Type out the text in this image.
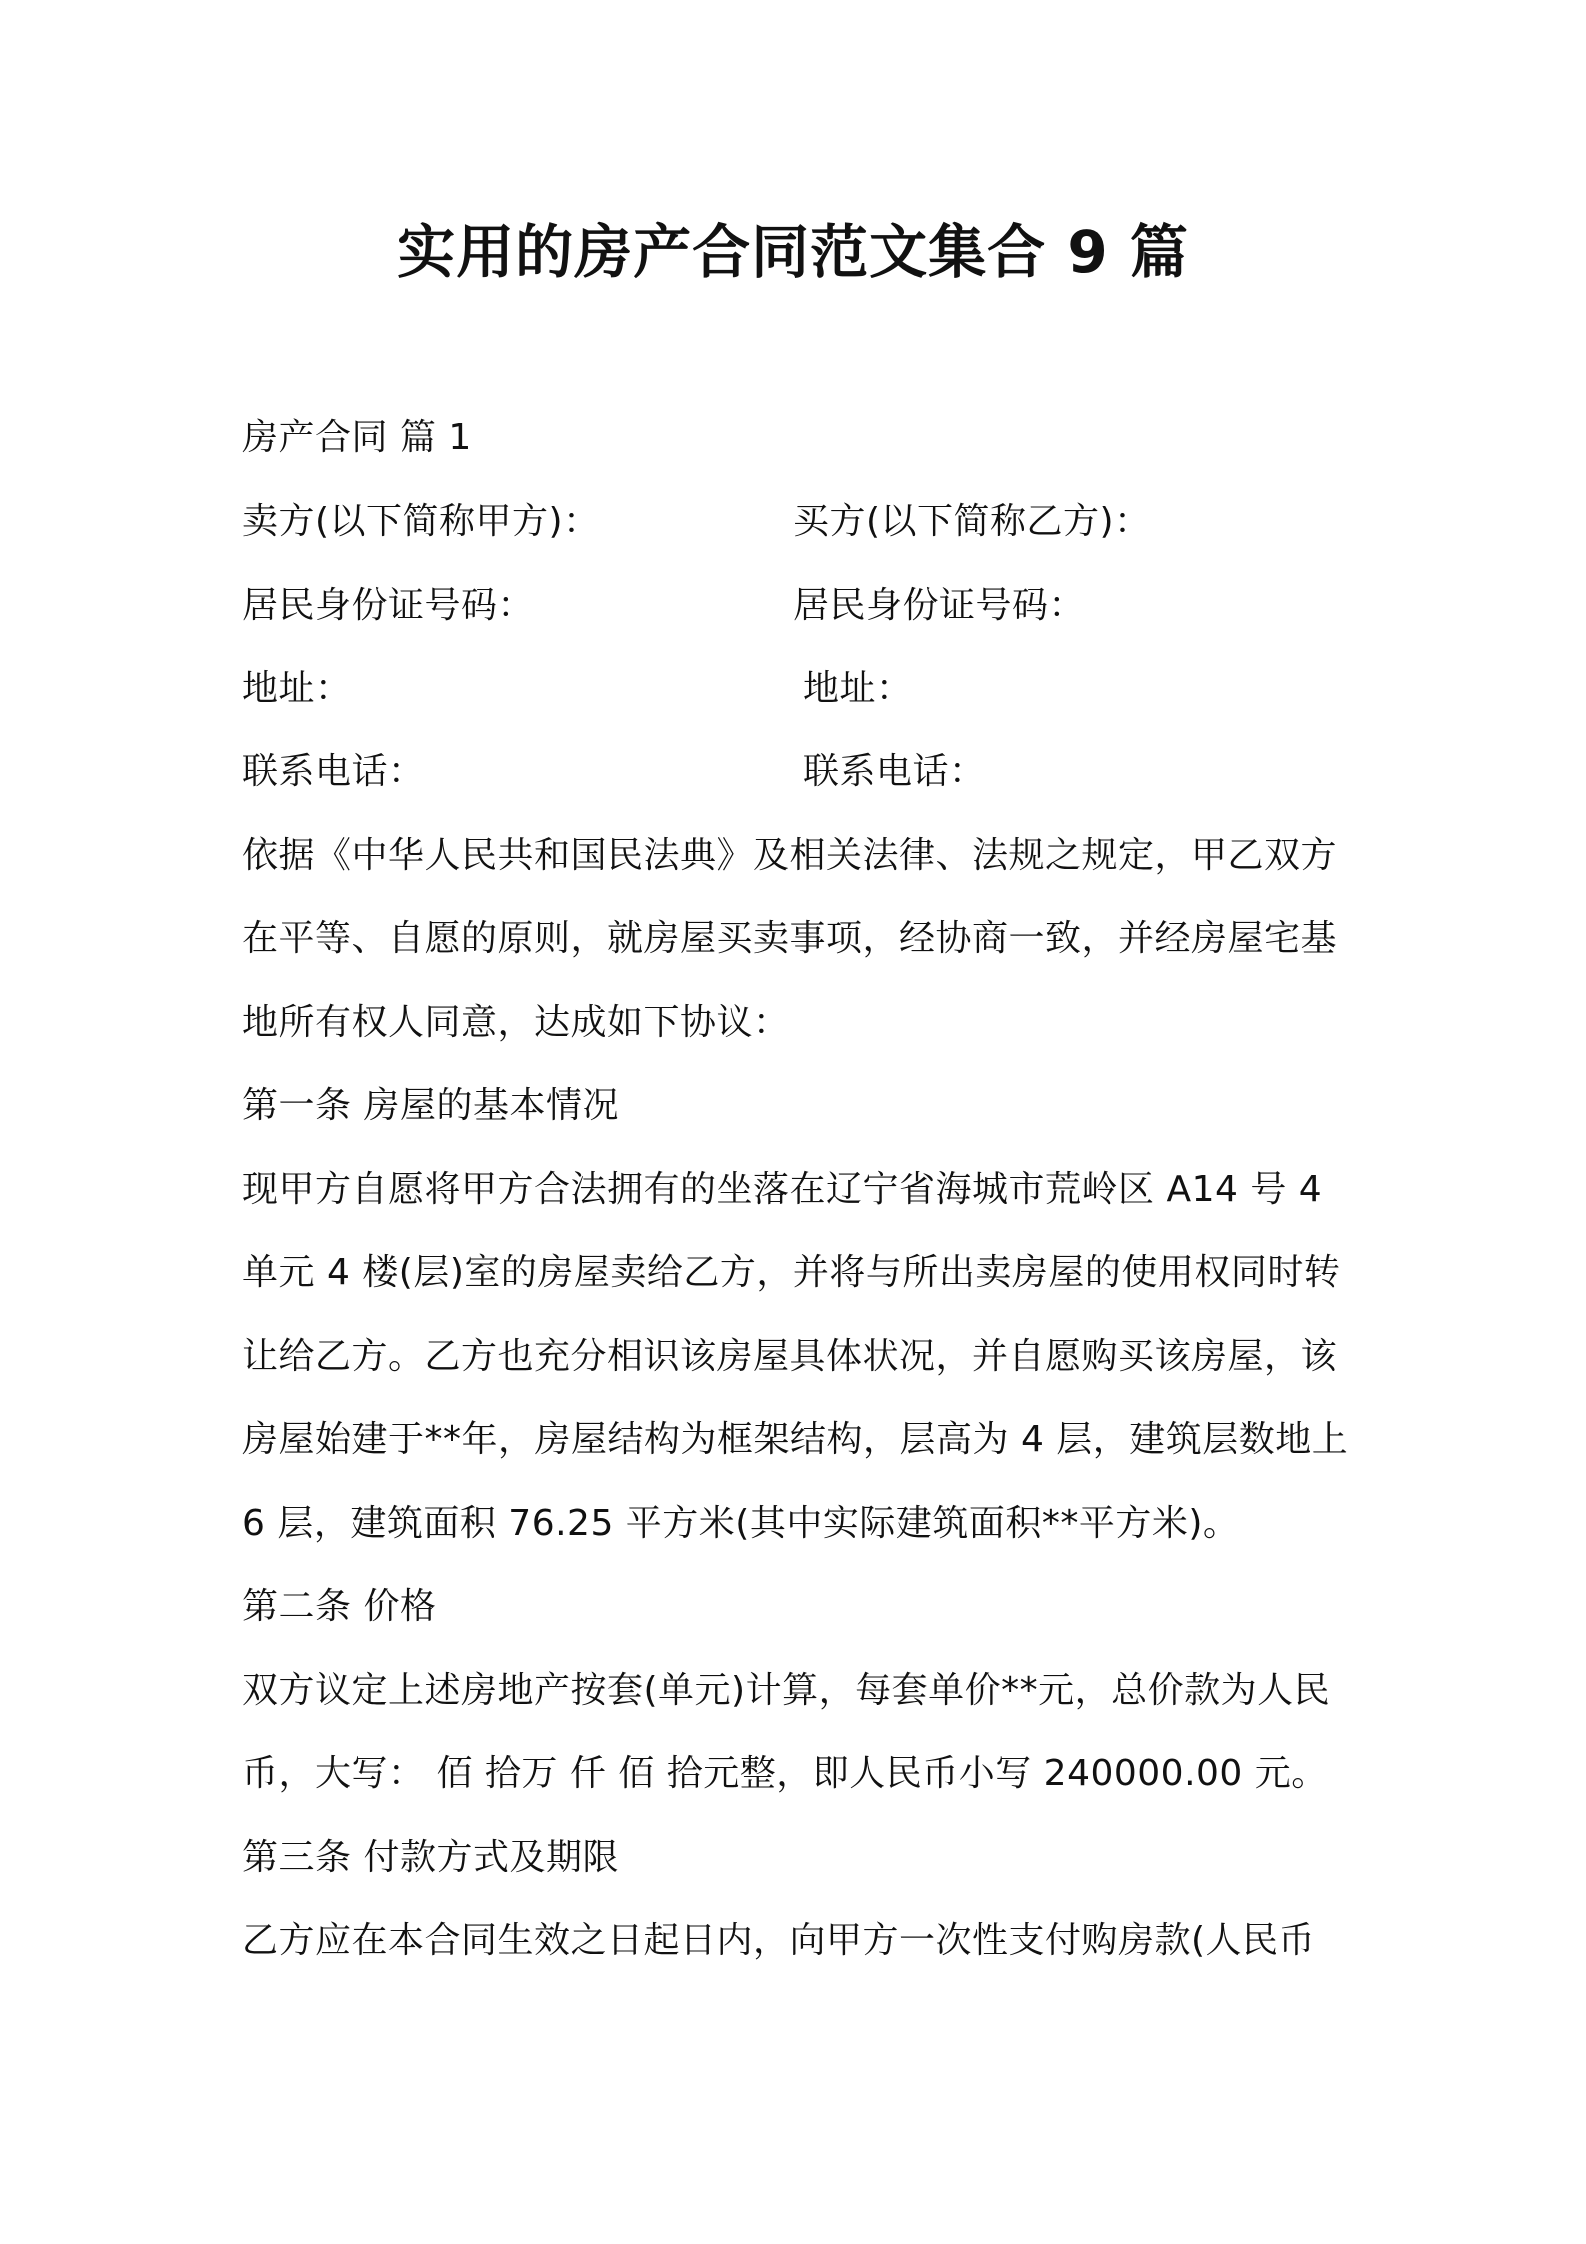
实用的房产合同范文集合 9 篇
房产合同 篇 1
卖方(以下简称甲方)：	买方(以下简称乙方)：
居民身份证号码：	居民身份证号码：
地址：	地址：
联系电话：	联系电话：
依据《中华人民共和国民法典》及相关法律、法规之规定，甲乙双方
在平等、自愿的原则，就房屋买卖事项，经协商一致，并经房屋宅基
地所有权人同意，达成如下协议：
第一条 房屋的基本情况
现甲方自愿将甲方合法拥有的坐落在辽宁省海城市荒岭区 A14 号 4
单元 4 楼(层)室的房屋卖给乙方，并将与所出卖房屋的使用权同时转
让给乙方。乙方也充分相识该房屋具体状况，并自愿购买该房屋，该
房屋始建于**年，房屋结构为框架结构，层高为 4 层，建筑层数地上
6 层，建筑面积 76.25 平方米(其中实际建筑面积**平方米)。
第二条 价格
双方议定上述房地产按套(单元)计算，每套单价**元，总价款为人民
币，大写： 佰 拾万 仟 佰 拾元整，即人民币小写 240000.00 元。
第三条 付款方式及期限
乙方应在本合同生效之日起日内，向甲方一次性支付购房款(人民币
